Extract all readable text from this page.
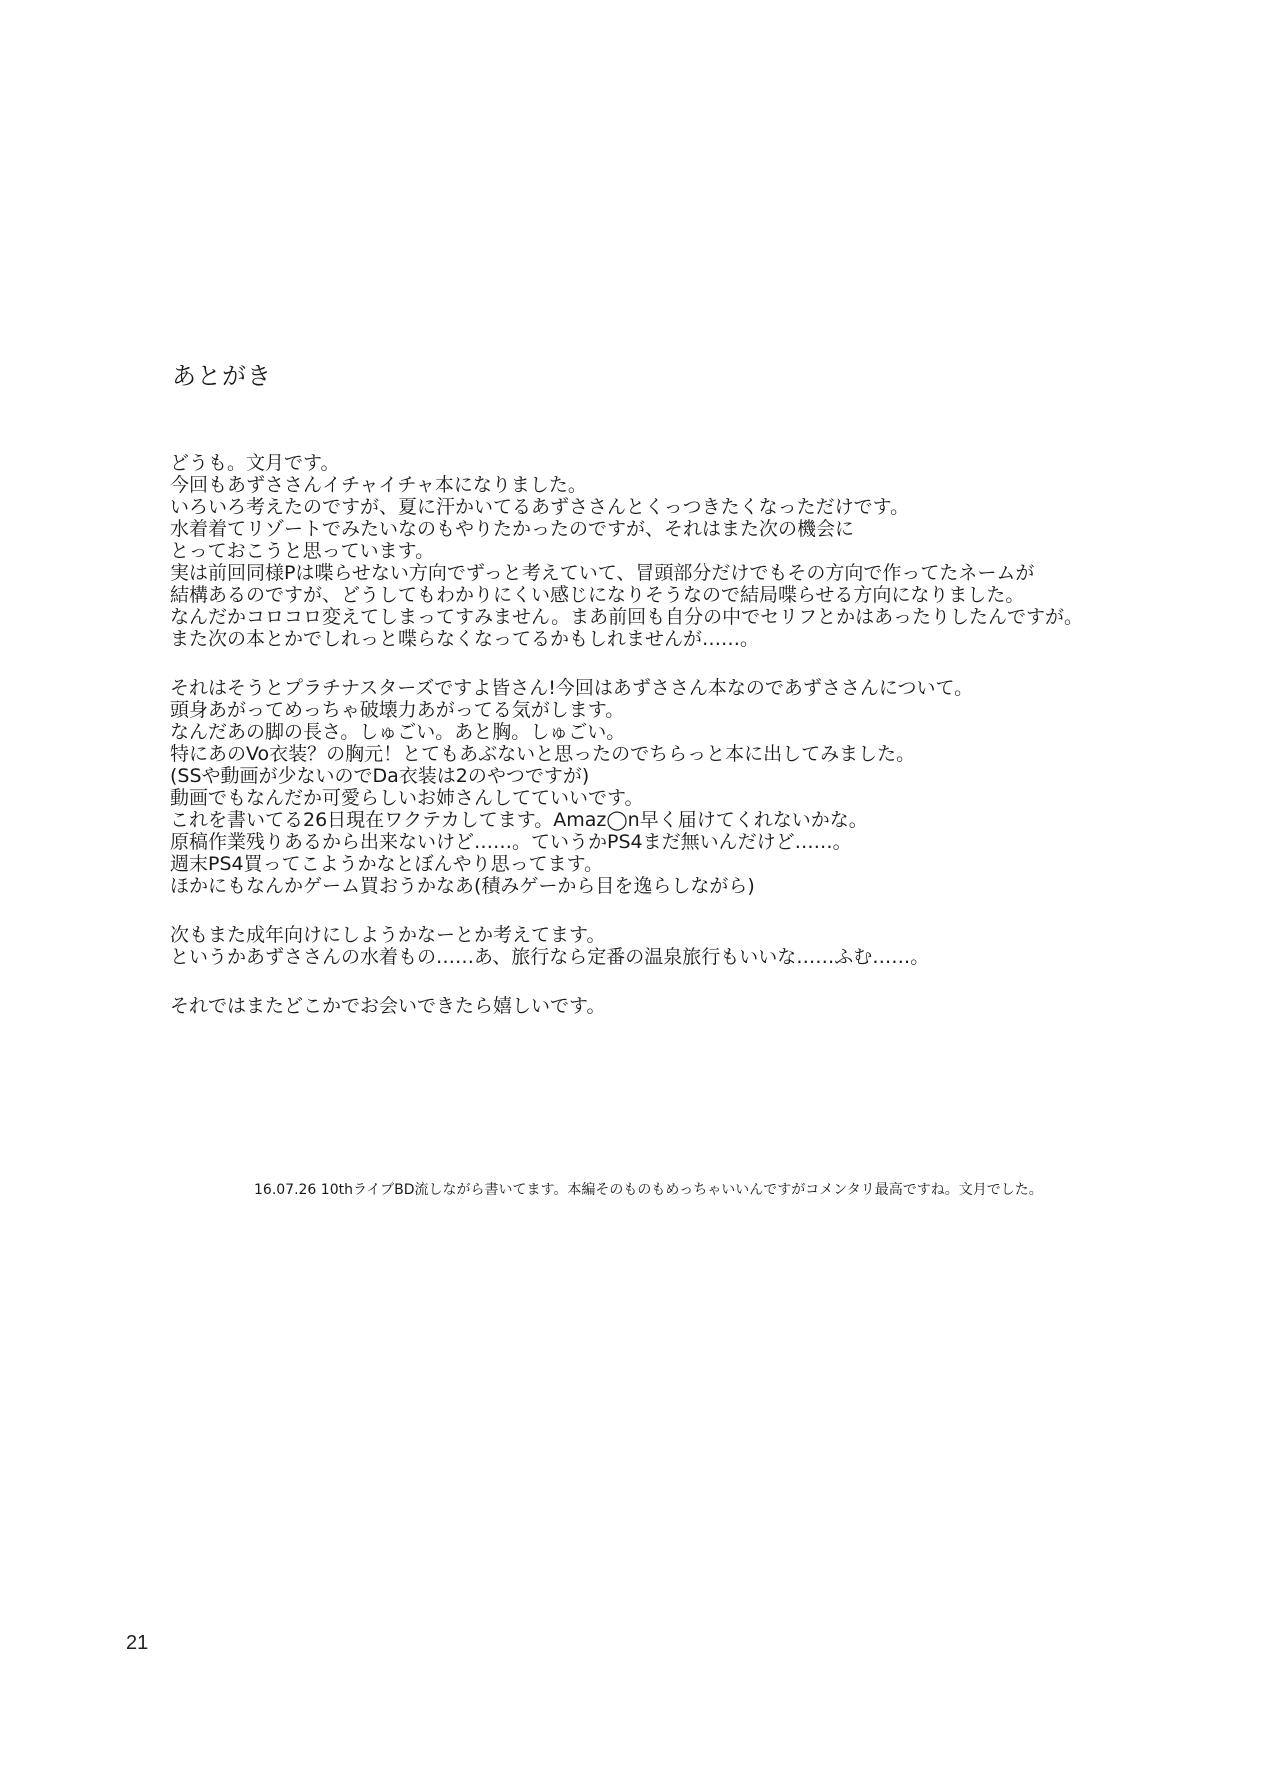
あとがき
どうも。文月です。
今回もあずささんイチャイチャ本になりました。
いろいろ考えたのですが、夏に汗かいてるあずささんとくっつきたくなっただけです。
水着着てリゾートでみたいなのもやりたかったのですが、それはまた次の機会に
とっておこうと思っています。
実は前回同様Pは喋らせない方向でずっと考えていて、冒頭部分だけでもその方向で作ってたネームが
結構あるのですが、どうしてもわかりにくい感じになりそうなので結局喋らせる方向になりました。
なんだかコロコロ変えてしまってすみません。まあ前回も自分の中でセリフとかはあったりしたんですが。
また次の本とかでしれっと喋らなくなってるかもしれませんが……。
それはそうとプラチナスターズですよ皆さん!今回はあずささん本なのであずささんについて。
頭身あがってめっちゃ破壊力あがってる気がします。
なんだあの脚の長さ。しゅごい。あと胸。しゅごい。
特にあのVo衣装？の胸元！とてもあぶないと思ったのでちらっと本に出してみました。
(SSや動画が少ないのでDa衣装は2のやつですが)
動画でもなんだか可愛らしいお姉さんしてていいです。
これを書いてる26日現在ワクテカしてます。Amaz◯n早く届けてくれないかな。
原稿作業残りあるから出来ないけど……。ていうかPS4まだ無いんだけど……。
週末PS4買ってこようかなとぼんやり思ってます。
ほかにもなんかゲーム買おうかなあ(積みゲーから目を逸らしながら)
次もまた成年向けにしようかなーとか考えてます。
というかあずささんの水着もの……あ、旅行なら定番の温泉旅行もいいな……ふむ……。
それではまたどこかでお会いできたら嬉しいです。
16.07.26 10thライブBD流しながら書いてます。本編そのものもめっちゃいいんですがコメンタリ最高ですね。文月でした。
21
